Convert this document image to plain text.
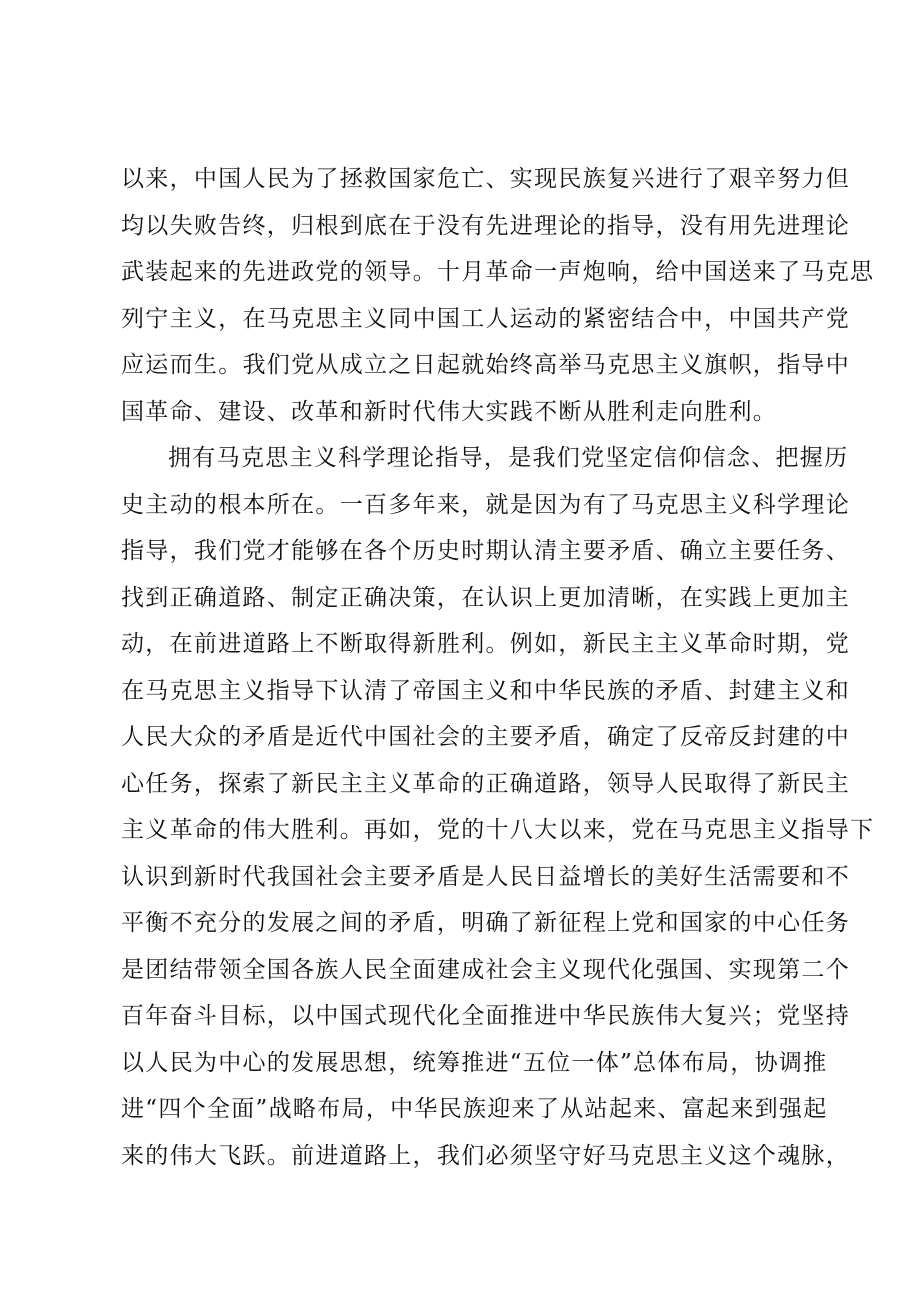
以来，中国人民为了拯救国家危亡、实现民族复兴进行了艰辛努力但
均以失败告终，归根到底在于没有先进理论的指导，没有用先进理论
武装起来的先进政党的领导。十月革命一声炮响，给中国送来了马克思
列宁主义，在马克思主义同中国工人运动的紧密结合中，中国共产党
应运而生。我们党从成立之日起就始终高举马克思主义旗帜，指导中
国革命、建设、改革和新时代伟大实践不断从胜利走向胜利。
拥有马克思主义科学理论指导，是我们党坚定信仰信念、把握历
史主动的根本所在。一百多年来，就是因为有了马克思主义科学理论
指导，我们党才能够在各个历史时期认清主要矛盾、确立主要任务、
找到正确道路、制定正确决策，在认识上更加清晰，在实践上更加主
动，在前进道路上不断取得新胜利。例如，新民主主义革命时期，党
在马克思主义指导下认清了帝国主义和中华民族的矛盾、封建主义和
人民大众的矛盾是近代中国社会的主要矛盾，确定了反帝反封建的中
心任务，探索了新民主主义革命的正确道路，领导人民取得了新民主
主义革命的伟大胜利。再如，党的十八大以来，党在马克思主义指导下
认识到新时代我国社会主要矛盾是人民日益增长的美好生活需要和不
平衡不充分的发展之间的矛盾，明确了新征程上党和国家的中心任务
是团结带领全国各族人民全面建成社会主义现代化强国、实现第二个
百年奋斗目标，以中国式现代化全面推进中华民族伟大复兴；党坚持
以人民为中心的发展思想，统筹推进“五位一体”总体布局，协调推
进“四个全面”战略布局，中华民族迎来了从站起来、富起来到强起
来的伟大飞跃。前进道路上，我们必须坚守好马克思主义这个魂脉，
